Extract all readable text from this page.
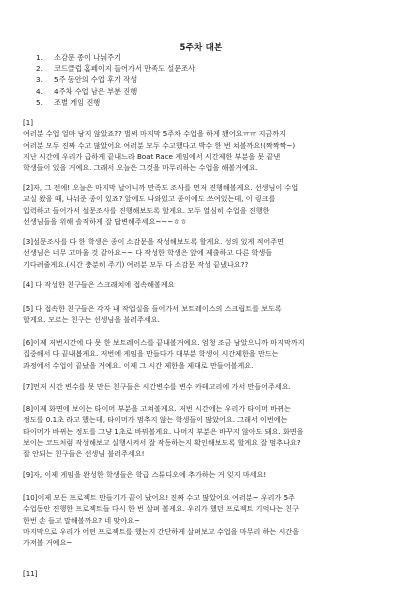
5주차 대본
1. 소감문 종이 나눠주기
2. 코드클럽 홈페이지 들어가서 만족도 설문조사
3. 5주 동안의 수업 후기 작성
4. 4주차 수업 남은 부분 진행
5. 조별 게임 진행
[1]
여러분 수업 얼마 남지 않았죠?? 벌써 마지막 5주차 수업을 하게 됐어요ㅠㅠ 지금까지
여러분 모두 진짜 수고 많았어요 여러분 모두 수고했다고 박수 한 번 쳐볼까요!(짝짝짝~)
지난 시간에 우리가 급하게 끝내느라 Boat Race 게임에서 시간제한 부분을 못 끝낸
학생들이 있을 거예요. 그래서 오늘은 그것을 마무리하는 수업을 해볼거예요.
[2]자, 그 전에! 오늘은 마지막 날이니까 만족도 조사를 먼저 진행해볼게요. 선생님이 수업
교실 왔을 때, 나눠준 종이 있죠? 앞에도 나와있고 종이에도 쓰여있는데, 이 링크를
입력하고 들어가서 설문조사를 진행해보도록 할게요. 모두 열심히 수업을 진행한
선생님들을 위해 솔직하게 잘 답변해주세요~~~ㅎㅎ
[3]설문조사를 다 한 학생은 종이 소감문을 작성해보도록 할게요. 성의 있게 적어주면
선생님은 너무 고마울 것 같아요~~ 다 작성한 학생은 앞에 제출하고 다른 학생들
기다려줄게요.(시간 충분히 주기) 여러분 모두 다 소감문 작성 끝냈나요??
[4] 다 작성한 친구들은 스크래치에 접속해볼게요
[5] 다 접속한 친구들은 각자 내 작업실을 들어가서 보트레이스의 스크립트를 보도록
할게요. 모르는 친구는 선생님을 불러주세요.
[6]이제 저번시간에 다 못 한 보트레이스를 끝내볼거예요. 엄청 조금 남았으니까 마지막까지
집중해서 다 끝내봅게요. 저번에 게임을 만들다가 대부분 학생이 시간제한을 만드는
과정에서 수업이 끝났을 거예요. 이제 그 시간 제한을 제대로 만들어볼게요.
[7]먼저 시간 변수를 못 만든 친구들은 시간변수를 변수 카테고리에 가서 만들어주세요.
[8]이제 화면에 보이는 타이머 부분을 고쳐볼게요. 저번 시간에는 우리가 타이머 바뀌는
정도를 0.1초 라고 했는데, 타이머가 멈추지 않는 학생들이 많았어요. 그래서 이번에는
타이머가 바뀌는 정도를 그냥 1초로 바꿔볼게요. 나머지 부분은 바꾸지 않아도 돼요. 화면을
보이는 코드처럼 작성해보고 실행시켜서 잘 작동하는지 확인해보도록 할게요 잘 멈추나요?
잘 안되는 친구들은 선생님 불러주세요!
[9]자, 이제 게임을 완성한 학생들은 학급 스튜디오에 추가하는 거 잊지 마세요!
[10]이제 모든 프로젝트 만들기가 끝이 났어요! 진짜 수고 많았어요 여러분~ 우리가 5주
수업동안 진행한 프로젝트들 다시 한 번 살펴 볼게요. 우리가 했던 프로젝트 기억나는 친구
한번 손 들고 말해볼까요? 네 맞아요~
마지막으로 우리가 어떤 프로젝트를 했는지 간단하게 살펴보고 수업을 마무리 하는 시간을
가져볼 거예요~
[11]
